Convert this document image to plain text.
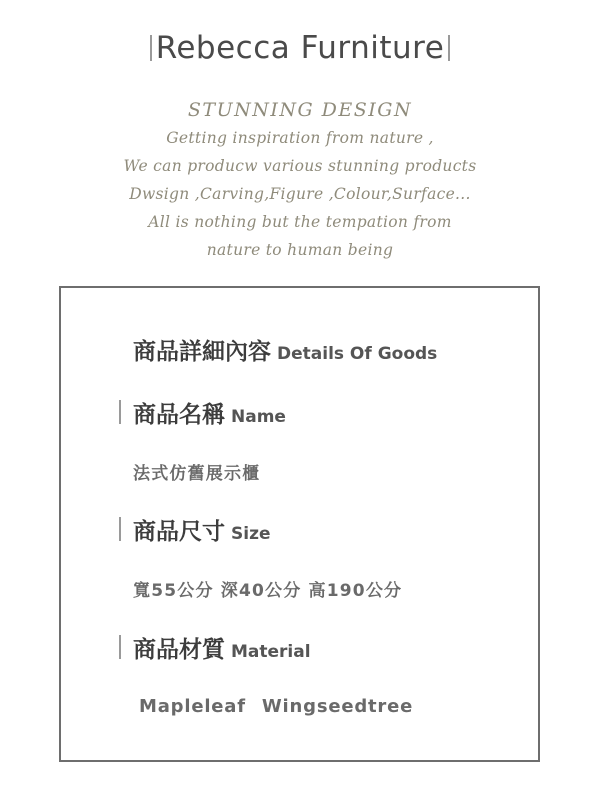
Rebecca Furniture
STUNNING DESIGN
Getting inspiration from nature ,
We can producw various stunning products
Dwsign ,Carving,Figure ,Colour,Surface...
All is nothing but the tempation from
nature to human being
商品詳細內容 Details Of Goods
商品名稱 Name
法式仿舊展示櫃
商品尺寸 Size
寬55公分 深40公分 高190公分
商品材質 Material
Mapleleaf Wingseedtree
